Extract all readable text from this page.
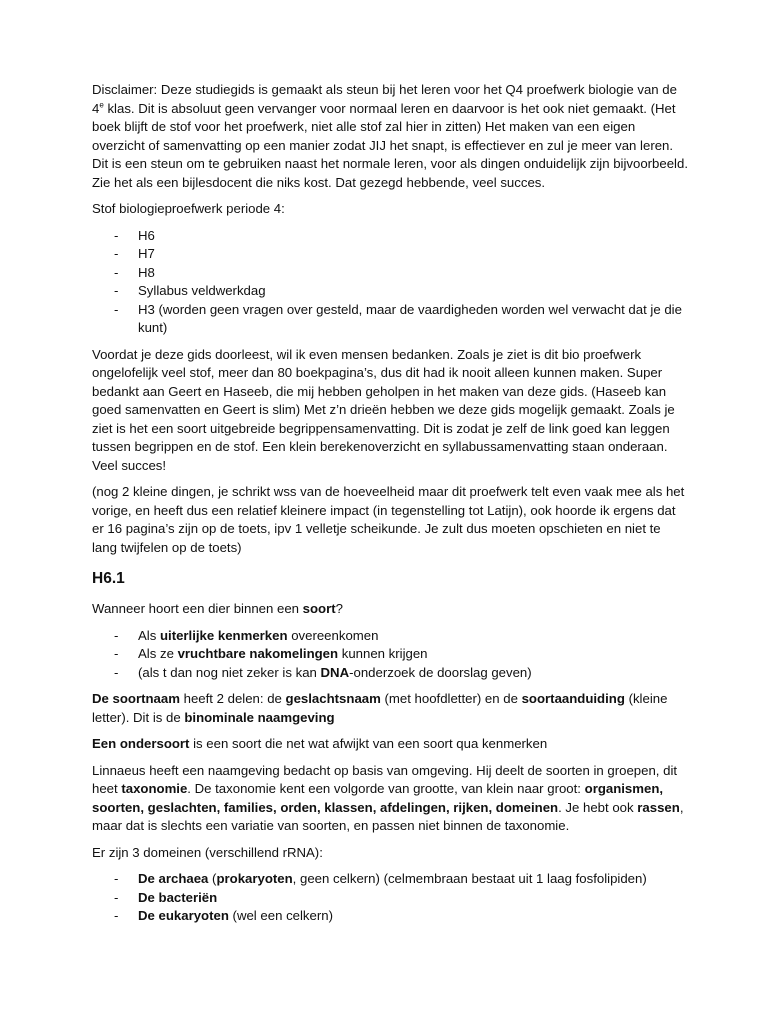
Disclaimer: Deze studiegids is gemaakt als steun bij het leren voor het Q4 proefwerk biologie van de 4e klas. Dit is absoluut geen vervanger voor normaal leren en daarvoor is het ook niet gemaakt. (Het boek blijft de stof voor het proefwerk, niet alle stof zal hier in zitten) Het maken van een eigen overzicht of samenvatting op een manier zodat JIJ het snapt, is effectiever en zul je meer van leren. Dit is een steun om te gebruiken naast het normale leren, voor als dingen onduidelijk zijn bijvoorbeeld. Zie het als een bijlesdocent die niks kost. Dat gezegd hebbende, veel succes.

Stof biologieproefwerk periode 4:

- H6
- H7
- H8
- Syllabus veldwerkdag
- H3 (worden geen vragen over gesteld, maar de vaardigheden worden wel verwacht dat je die kunt)

Voordat je deze gids doorleest, wil ik even mensen bedanken. Zoals je ziet is dit bio proefwerk ongelofelijk veel stof, meer dan 80 boekpagina’s, dus dit had ik nooit alleen kunnen maken. Super bedankt aan Geert en Haseeb, die mij hebben geholpen in het maken van deze gids. (Haseeb kan goed samenvatten en Geert is slim) Met z’n drieën hebben we deze gids mogelijk gemaakt. Zoals je ziet is het een soort uitgebreide begrippensamenvatting. Dit is zodat je zelf de link goed kan leggen tussen begrippen en de stof. Een klein berekenoverzicht en syllabussamenvatting staan onderaan. Veel succes!

(nog 2 kleine dingen, je schrikt wss van de hoeveelheid maar dit proefwerk telt even vaak mee als het vorige, en heeft dus een relatief kleinere impact (in tegenstelling tot Latijn), ook hoorde ik ergens dat er 16 pagina’s zijn op de toets, ipv 1 velletje scheikunde. Je zult dus moeten opschieten en niet te lang twijfelen op de toets)

H6.1

Wanneer hoort een dier binnen een soort?

- Als uiterlijke kenmerken overeenkomen
- Als ze vruchtbare nakomelingen kunnen krijgen
- (als t dan nog niet zeker is kan DNA-onderzoek de doorslag geven)

De soortnaam heeft 2 delen: de geslachtsnaam (met hoofdletter) en de soortaanduiding (kleine letter). Dit is de binominale naamgeving

Een ondersoort is een soort die net wat afwijkt van een soort qua kenmerken

Linnaeus heeft een naamgeving bedacht op basis van omgeving. Hij deelt de soorten in groepen, dit heet taxonomie. De taxonomie kent een volgorde van grootte, van klein naar groot: organismen, soorten, geslachten, families, orden, klassen, afdelingen, rijken, domeinen. Je hebt ook rassen, maar dat is slechts een variatie van soorten, en passen niet binnen de taxonomie.

Er zijn 3 domeinen (verschillend rRNA):

- De archaea (prokaryoten, geen celkern) (celmembraan bestaat uit 1 laag fosfolipiden)
- De bacteriën
- De eukaryoten (wel een celkern)
